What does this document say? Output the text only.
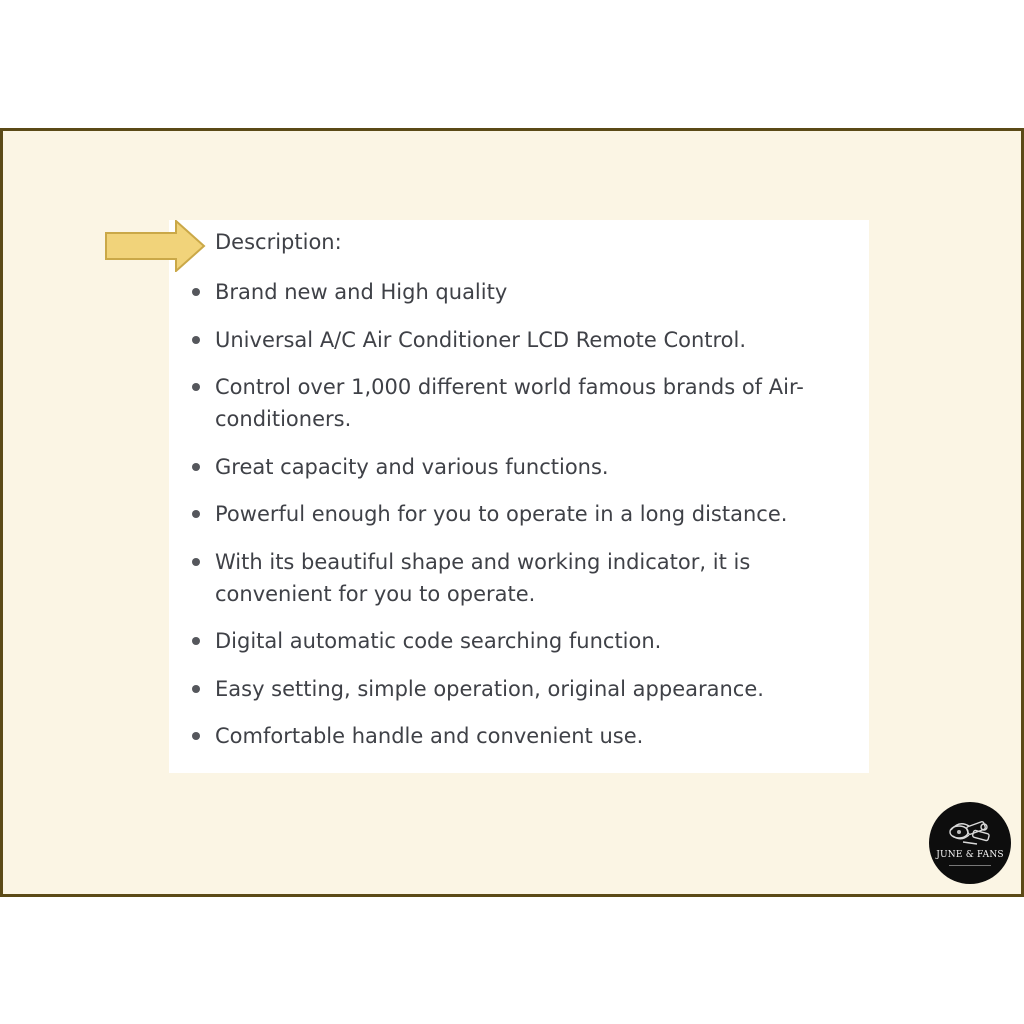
Description:
Brand new and High quality
Universal A/C Air Conditioner LCD Remote Control.
Control over 1,000 different world famous brands of Air-conditioners.
Great capacity and various functions.
Powerful enough for you to operate in a long distance.
With its beautiful shape and working indicator, it is convenient for you to operate.
Digital automatic code searching function.
Easy setting, simple operation, original appearance.
Comfortable handle and convenient use.
JUNE & FANS
